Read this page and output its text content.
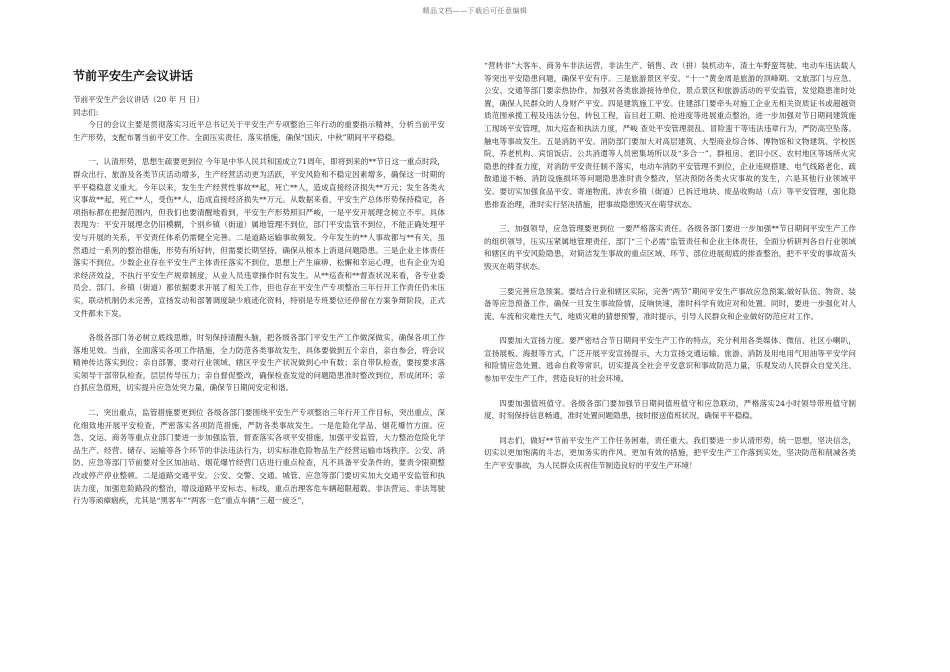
精品文档——下载后可任意编辑
节前平安生产会议讲话

节前平安生产会议讲话（20 年 月 日）

同志们:

今日的会议主要是贯彻落实习近平总书记关于平安生产专项整治三年行动的重要指示精神，分析当前平安生产形势，支配布署当前平安工作。全面压实责任、落实措施，确保“国庆、中秋”期间平平稳稳。

一、认清形势，思想生疏要更到位 今年是中华人民共和国成立71周年，即将到来的**节日这一重点时段，群众出行、旅游及各类节庆活动增多，生产经营活动更为活跃，平安风险和不稳定因素增多，确保这一时期的平平稳稳意义重大。今年以来，发生生产经营性事故**起，死亡**人，造成直接经济损失**万元；发生各类火灾事故**起，死亡**人，受伤**人，造成直接经济损失**万元。从数据来看，平安生产总体形势保持稳定，各项指标都在把握范围内，但我们也要清醒地看到，平安生产形势照旧严峻，一是平安开展理念树立不牢。具体表现为：平安开展理念仍旧模糊，个别乡镇（街道）属地管理不到位，部门平安监管不到位，不能正确处理平安与开展的关系，平安责任体系仍需健全完善。二是道路运输事故频发。今年发生的**人事故都与**有关，虽然通过一系列的整治措施，形势有所好转，但需要长期坚持，确保从根本上消退问题隐患。三是企业主体责任落实不到位。少数企业存在平安生产主体责任落实不到位，思想上产生麻痹、松懈和幸运心理，也有企业为追求经济效益，不执行平安生产规章制度，从业人员违章操作时有发生。从**巡查和**督查状况来看，各专业委员会、部门、乡镇（街道）都依据要求开展了相关工作，但也存在平安生产专项整治三年行开工作责任仍未压实，联动机制仍未完善，宣扬发动和部署调度缺少痕迹化资料，特别是专班要位还停留在方案争辩阶段，正式文件都未下发。

各级各部门务必树立底线思维，时刻保持清醒头脑，把各级各部门平安生产工作做深做实，确保各项工作落地见效。当前，全面落实各项工作措施，全力防范各类事故发生，具体要做到五个亲自，亲自参会，将会议精神传达落实到位；亲自部署，要对行业领域、辖区平安生产状况做到心中有数；亲自带队检查，要按要求落实领导干部带队检查，层层传导压力；亲自督促整改，确保检查发觉的问题隐患准时整改到位，形成闭环；亲自抓应急值班，切实提升应急处突力量，确保节日期间安定和谐。

二、突出重点，监管措施要更到位 各级各部门要围绕平安生产专项整治三年行开工作目标，突出重点，深化细致地开展平安检查，严密落实各项防范措施，严防各类事故发生。一是危险化学品、烟花爆竹方面。应急、交运、商务等重点业部门要进一步加强监管，督查落实各项平安措施，加强平安监管，大力整治危险化学品生产、经营、储存、运输等各个环节的非法违法行为，切实标准危险物品生产经营运输市场秩序。公安、消防、应急等部门节前要对全区加油站、烟花爆竹经营门店进行重点检查，凡不具备平安条件的，要责令限期整改或停产停业整顿。二是道路交通平安。公安、交警、交通、城管、应急等部门要切实加大交通平安监管和执法力度，加强危险路段的整治，增设道路平安标志、标线，重点治理客危车辆超限超载、非法营运、非法驾驶行为等顽瘴痼疾，尤其是“黑客车”“两客一危”重点车辆“三超一疲乏”，

“营转非”大客车、商务车非法运营，非法生产、销售、改（拼）装机动车，渣土车野蛮驾驶、电动车违法载人等突出平安隐患问题，确保平安有序。三是旅游景区平安。“十一”黄金周是旅游的顶峰期。文旅部门与应急、公安、交通等部门要亲热协作，加强对各类旅游接待单位、景点景区和旅游活动的平安监管，发觉隐患准时处置，确保人民群众的人身财产平安。四是建筑施工平安。住建部门要牵头对施工企业无相关资质证书或超越资质范围承揽工程及违法分包、转包工程，盲目赶工期、抢进度等进展重点整治，进一步加强对节日期间建筑施工现场平安管理，加大巡查和执法力度，严峻 查处平安管理混乱、冒险蛮干等违法违章行为，严防高空坠落、触电等事故发生。五是消防平安。消防部门要加大对高层建筑、大型商业综合体、博物馆和文物建筑、学校医院、养老机构、宾馆饭店、公共消遣等人员密集场所以及“多合一”、群租房、老旧小区、农村地区等场所火灾隐患的排查力度，对消防平安责任制不落实，电动车消防平安管理不到位，企业违规搭建、电气线路老化、疏散通道不畅、消防设施损坏等问题隐患准时责令整改，坚决预防各类火灾事故的发生，六是其他行业领域平安。要切实加强食品平安、寄递物流、涉农乡镇（街道）已拆迁地块、废品收购站（点）等平安管理，强化隐患排查治理，准时实行坚决措施，把事故隐患毁灭在萌芽状态。

三、加强领导，应急管理要更到位 一要严格落实责任。各级各部门要进一步加强**节日期间平安生产工作的组织领导，压实压紧属地管理责任、部门“三个必需”监管责任和企业主体责任，全面分析研判各自行业领域和辖区的平安风险隐患，对简洁发生事故的重点区域、环节、部位进展彻底的排查整治，把不平安的事故苗头毁灭在萌芽状态。

三要完善应急预案。要结合行业和辖区实际，完善“两节”期间平安生产事故应急预案,做好队伍、物资、装备等应急预备工作，确保一旦发生事故险情，反响快速，准时科学有效应对和处置。同时，要进一步强化对人流、车流和灾难性天气、地质灾难的猜想预警，准时提示，引导人民群众和企业做好防范应对工作。

四要加大宣扬力度。要严密结合节日期间平安生产工作的特点，充分利用各类媒体、微信、社区小喇叭，宣扬展板、海报等方式，广泛开展平安宣扬提示，大力宣扬交通运输、旅游、消防及用电用气用油等平安学问和险情应急处置、逃命自救等常识，切实提高全社会平安意识和事故防范力量，乐观发动人民群众自觉关注、参加平安生产工作，营造良好的社会环境。

四要加强值班值守。各级各部门要加强节日期间值班值守和应急联动，严格落实24小时领导带班值守制度，时刻保持信息畅通，准时处置问题隐患，按时报送值班状况，确保平平稳稳。

同志们，做好**节前平安生产工作任务困难，责任重大。我们要进一步认清形势，统一思想，坚决信念，切实以更加饱满的斗志，更加务实的作风、更加有效的措施，把平安生产工作落到实处，坚决防范和削减各类生产平安事故，为人民群众庆祝佳节制造良好的平安生产环境！
